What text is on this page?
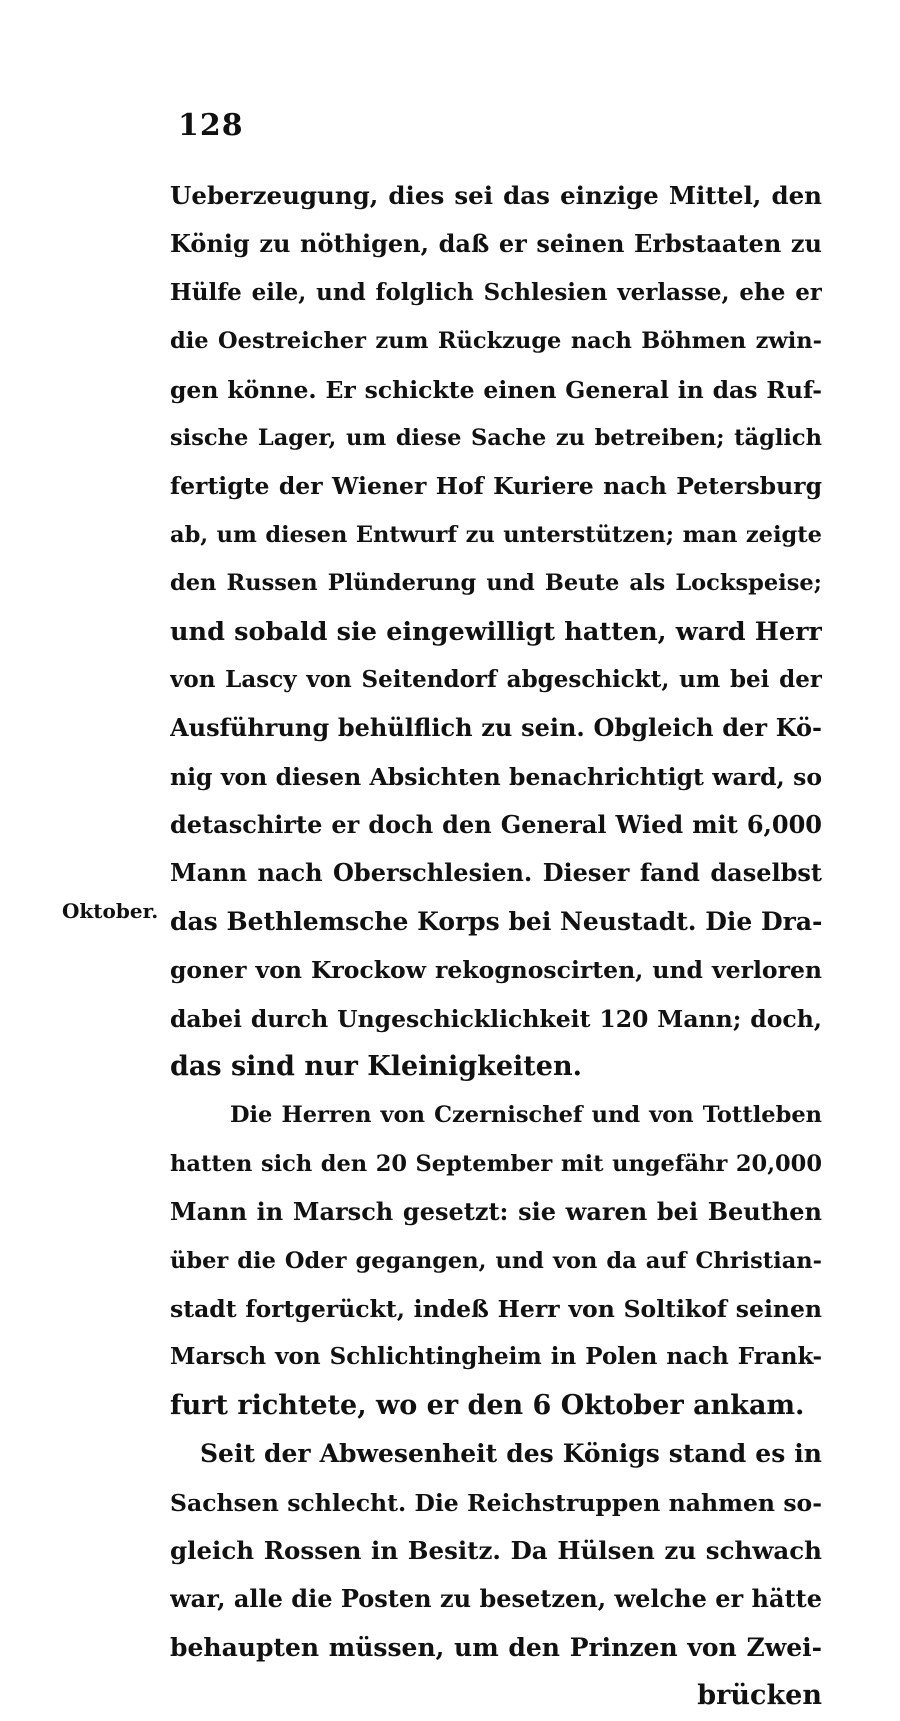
128
Oktober.
Ueberzeugung, dies sei das einzige Mittel, den
König zu nöthigen, daß er seinen Erbstaaten zu
Hülfe eile, und folglich Schlesien verlasse, ehe er
die Oestreicher zum Rückzuge nach Böhmen zwin-
gen könne. Er schickte einen General in das Ruf-
sische Lager, um diese Sache zu betreiben; täglich
fertigte der Wiener Hof Kuriere nach Petersburg
ab, um diesen Entwurf zu unterstützen; man zeigte
den Russen Plünderung und Beute als Lockspeise;
und sobald sie eingewilligt hatten, ward Herr
von Lascy von Seitendorf abgeschickt, um bei der
Ausführung behülflich zu sein. Obgleich der Kö-
nig von diesen Absichten benachrichtigt ward, so
detaschirte er doch den General Wied mit 6,000
Mann nach Oberschlesien. Dieser fand daselbst
das Bethlemsche Korps bei Neustadt. Die Dra-
goner von Krockow rekognoscirten, und verloren
dabei durch Ungeschicklichkeit 120 Mann; doch,
das sind nur Kleinigkeiten.
Die Herren von Czernischef und von Tottleben
hatten sich den 20 September mit ungefähr 20,000
Mann in Marsch gesetzt: sie waren bei Beuthen
über die Oder gegangen, und von da auf Christian-
stadt fortgerückt, indeß Herr von Soltikof seinen
Marsch von Schlichtingheim in Polen nach Frank-
furt richtete, wo er den 6 Oktober ankam.
Seit der Abwesenheit des Königs stand es in
Sachsen schlecht. Die Reichstruppen nahmen so-
gleich Rossen in Besitz. Da Hülsen zu schwach
war, alle die Posten zu besetzen, welche er hätte
behaupten müssen, um den Prinzen von Zwei-
brücken
